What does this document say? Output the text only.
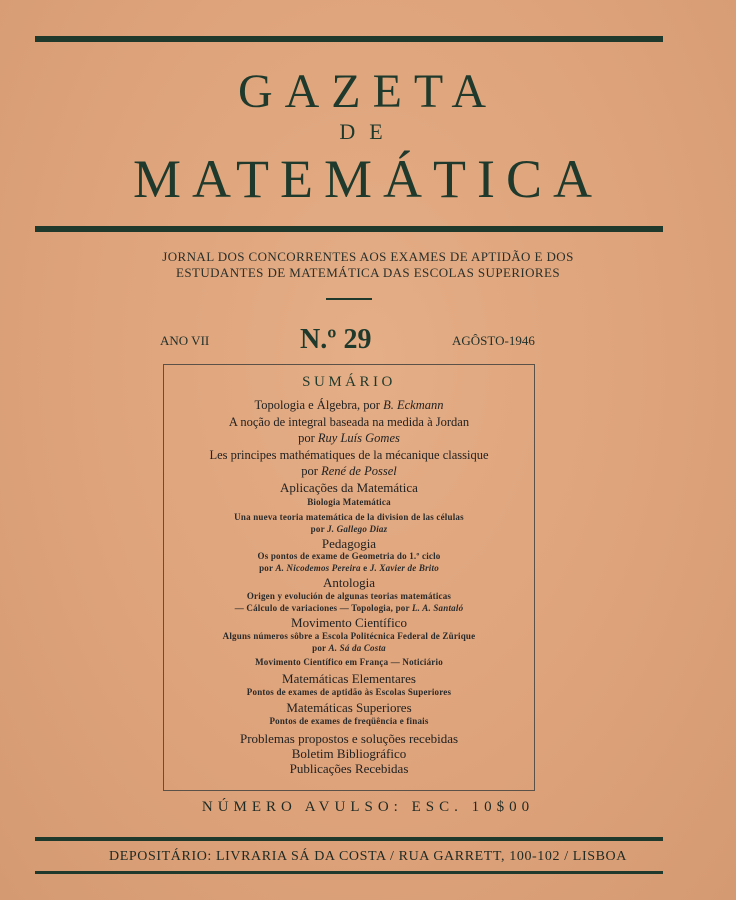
GAZETA
DE
MATEMÁTICA
JORNAL DOS CONCORRENTES AOS EXAMES DE APTIDÃO E DOS
ESTUDANTES DE MATEMÁTICA DAS ESCOLAS SUPERIORES
ANO VII	N.º 29	AGÔSTO-1946
SUMÁRIO
Topologia e Álgebra, por B. Eckmann
A noção de integral baseada na medida à Jordan
por Ruy Luís Gomes
Les principes mathématiques de la mécanique classique
por René de Possel
Aplicações da Matemática
Biologia Matemática
Una nueva teoria matemática de la division de las células
por J. Gallego Diaz
Pedagogia
Os pontos de exame de Geometria do 1.º ciclo
por A. Nicodemos Pereira e J. Xavier de Brito
Antologia
Origen y evolución de algunas teorias matemáticas
— Cálculo de variaciones — Topologia, por L. A. Santaló
Movimento Científico
Alguns números sôbre a Escola Politécnica Federal de Zürique
por A. Sá da Costa
Movimento Científico em França — Noticiário
Matemáticas Elementares
Pontos de exames de aptidão às Escolas Superiores
Matemáticas Superiores
Pontos de exames de freqüência e finais
Problemas propostos e soluções recebidas
Boletim Bibliográfico
Publicações Recebidas
NÚMERO AVULSO: ESC. 10$00
DEPOSITÁRIO: LIVRARIA SÁ DA COSTA / RUA GARRETT, 100-102 / LISBOA
